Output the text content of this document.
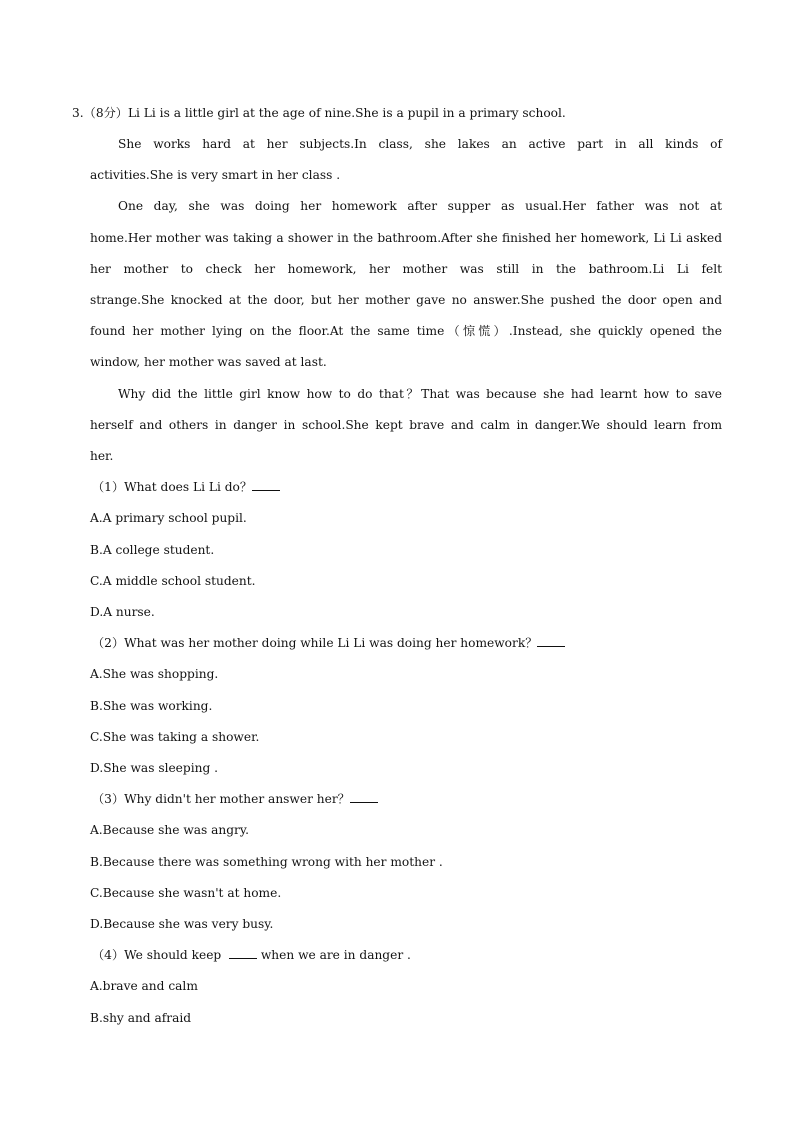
3.（8分）Li Li is a little girl at the age of nine.She is a pupil in a primary school.
She works hard at her subjects.In class, she lakes an active part in all kinds of
activities.She is very smart in her class .
One day, she was doing her homework after supper as usual.Her father was not at
home.Her mother was taking a shower in the bathroom.After she finished her homework, Li Li asked
her mother to check her homework, her mother was still in the bathroom.Li Li felt
strange.She knocked at the door, but her mother gave no answer.She pushed the door open and
found her mother lying on the floor.At the same time（惊慌）.Instead, she quickly opened the
window, her mother was saved at last.
Why did the little girl know how to do that？That was because she had learnt how to save
herself and others in danger in school.She kept brave and calm in danger.We should learn from
her.
（1）What does Li Li do？
A.A primary school pupil.
B.A college student.
C.A middle school student.
D.A nurse.
（2）What was her mother doing while Li Li was doing her homework？
A.She was shopping.
B.She was working.
C.She was taking a shower.
D.She was sleeping .
（3）Why didn't her mother answer her？
A.Because she was angry.
B.Because there was something wrong with her mother .
C.Because she wasn't at home.
D.Because she was very busy.
（4）We should keep	when we are in danger .
A.brave and calm
B.shy and afraid
